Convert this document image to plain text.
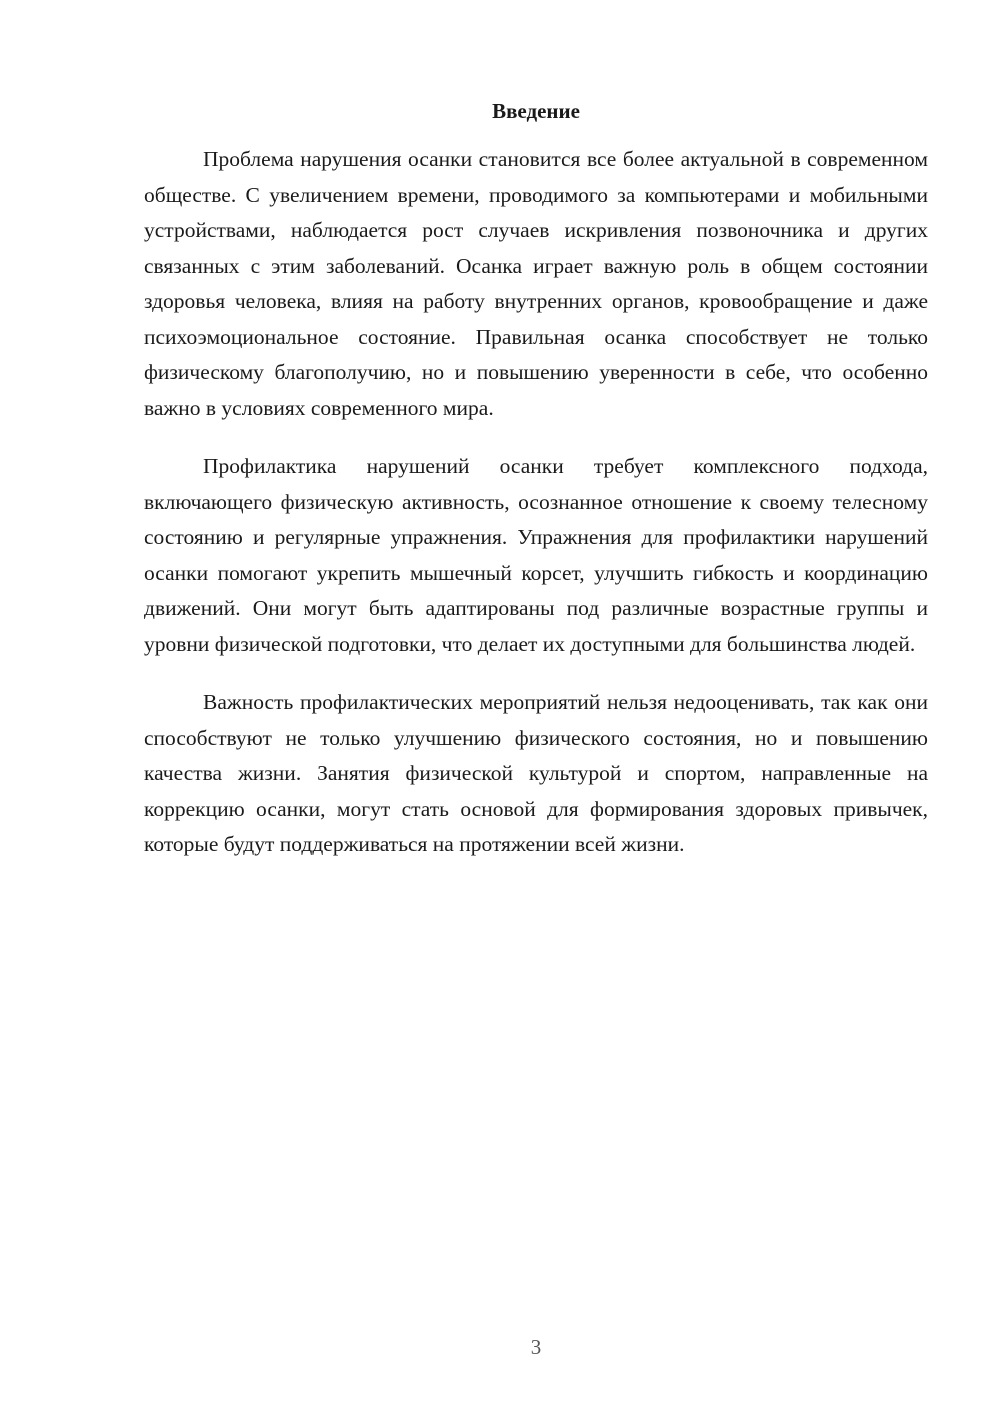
Введение

Проблема нарушения осанки становится все более актуальной в современном обществе. С увеличением времени, проводимого за компьютерами и мобильными устройствами, наблюдается рост случаев искривления позвоночника и других связанных с этим заболеваний. Осанка играет важную роль в общем состоянии здоровья человека, влияя на работу внутренних органов, кровообращение и даже психоэмоциональное состояние. Правильная осанка способствует не только физическому благополучию, но и повышению уверенности в себе, что особенно важно в условиях современного мира.

Профилактика нарушений осанки требует комплексного подхода, включающего физическую активность, осознанное отношение к своему телесному состоянию и регулярные упражнения. Упражнения для профилактики нарушений осанки помогают укрепить мышечный корсет, улучшить гибкость и координацию движений. Они могут быть адаптированы под различные возрастные группы и уровни физической подготовки, что делает их доступными для большинства людей.

Важность профилактических мероприятий нельзя недооценивать, так как они способствуют не только улучшению физического состояния, но и повышению качества жизни. Занятия физической культурой и спортом, направленные на коррекцию осанки, могут стать основой для формирования здоровых привычек, которые будут поддерживаться на протяжении всей жизни.

3
